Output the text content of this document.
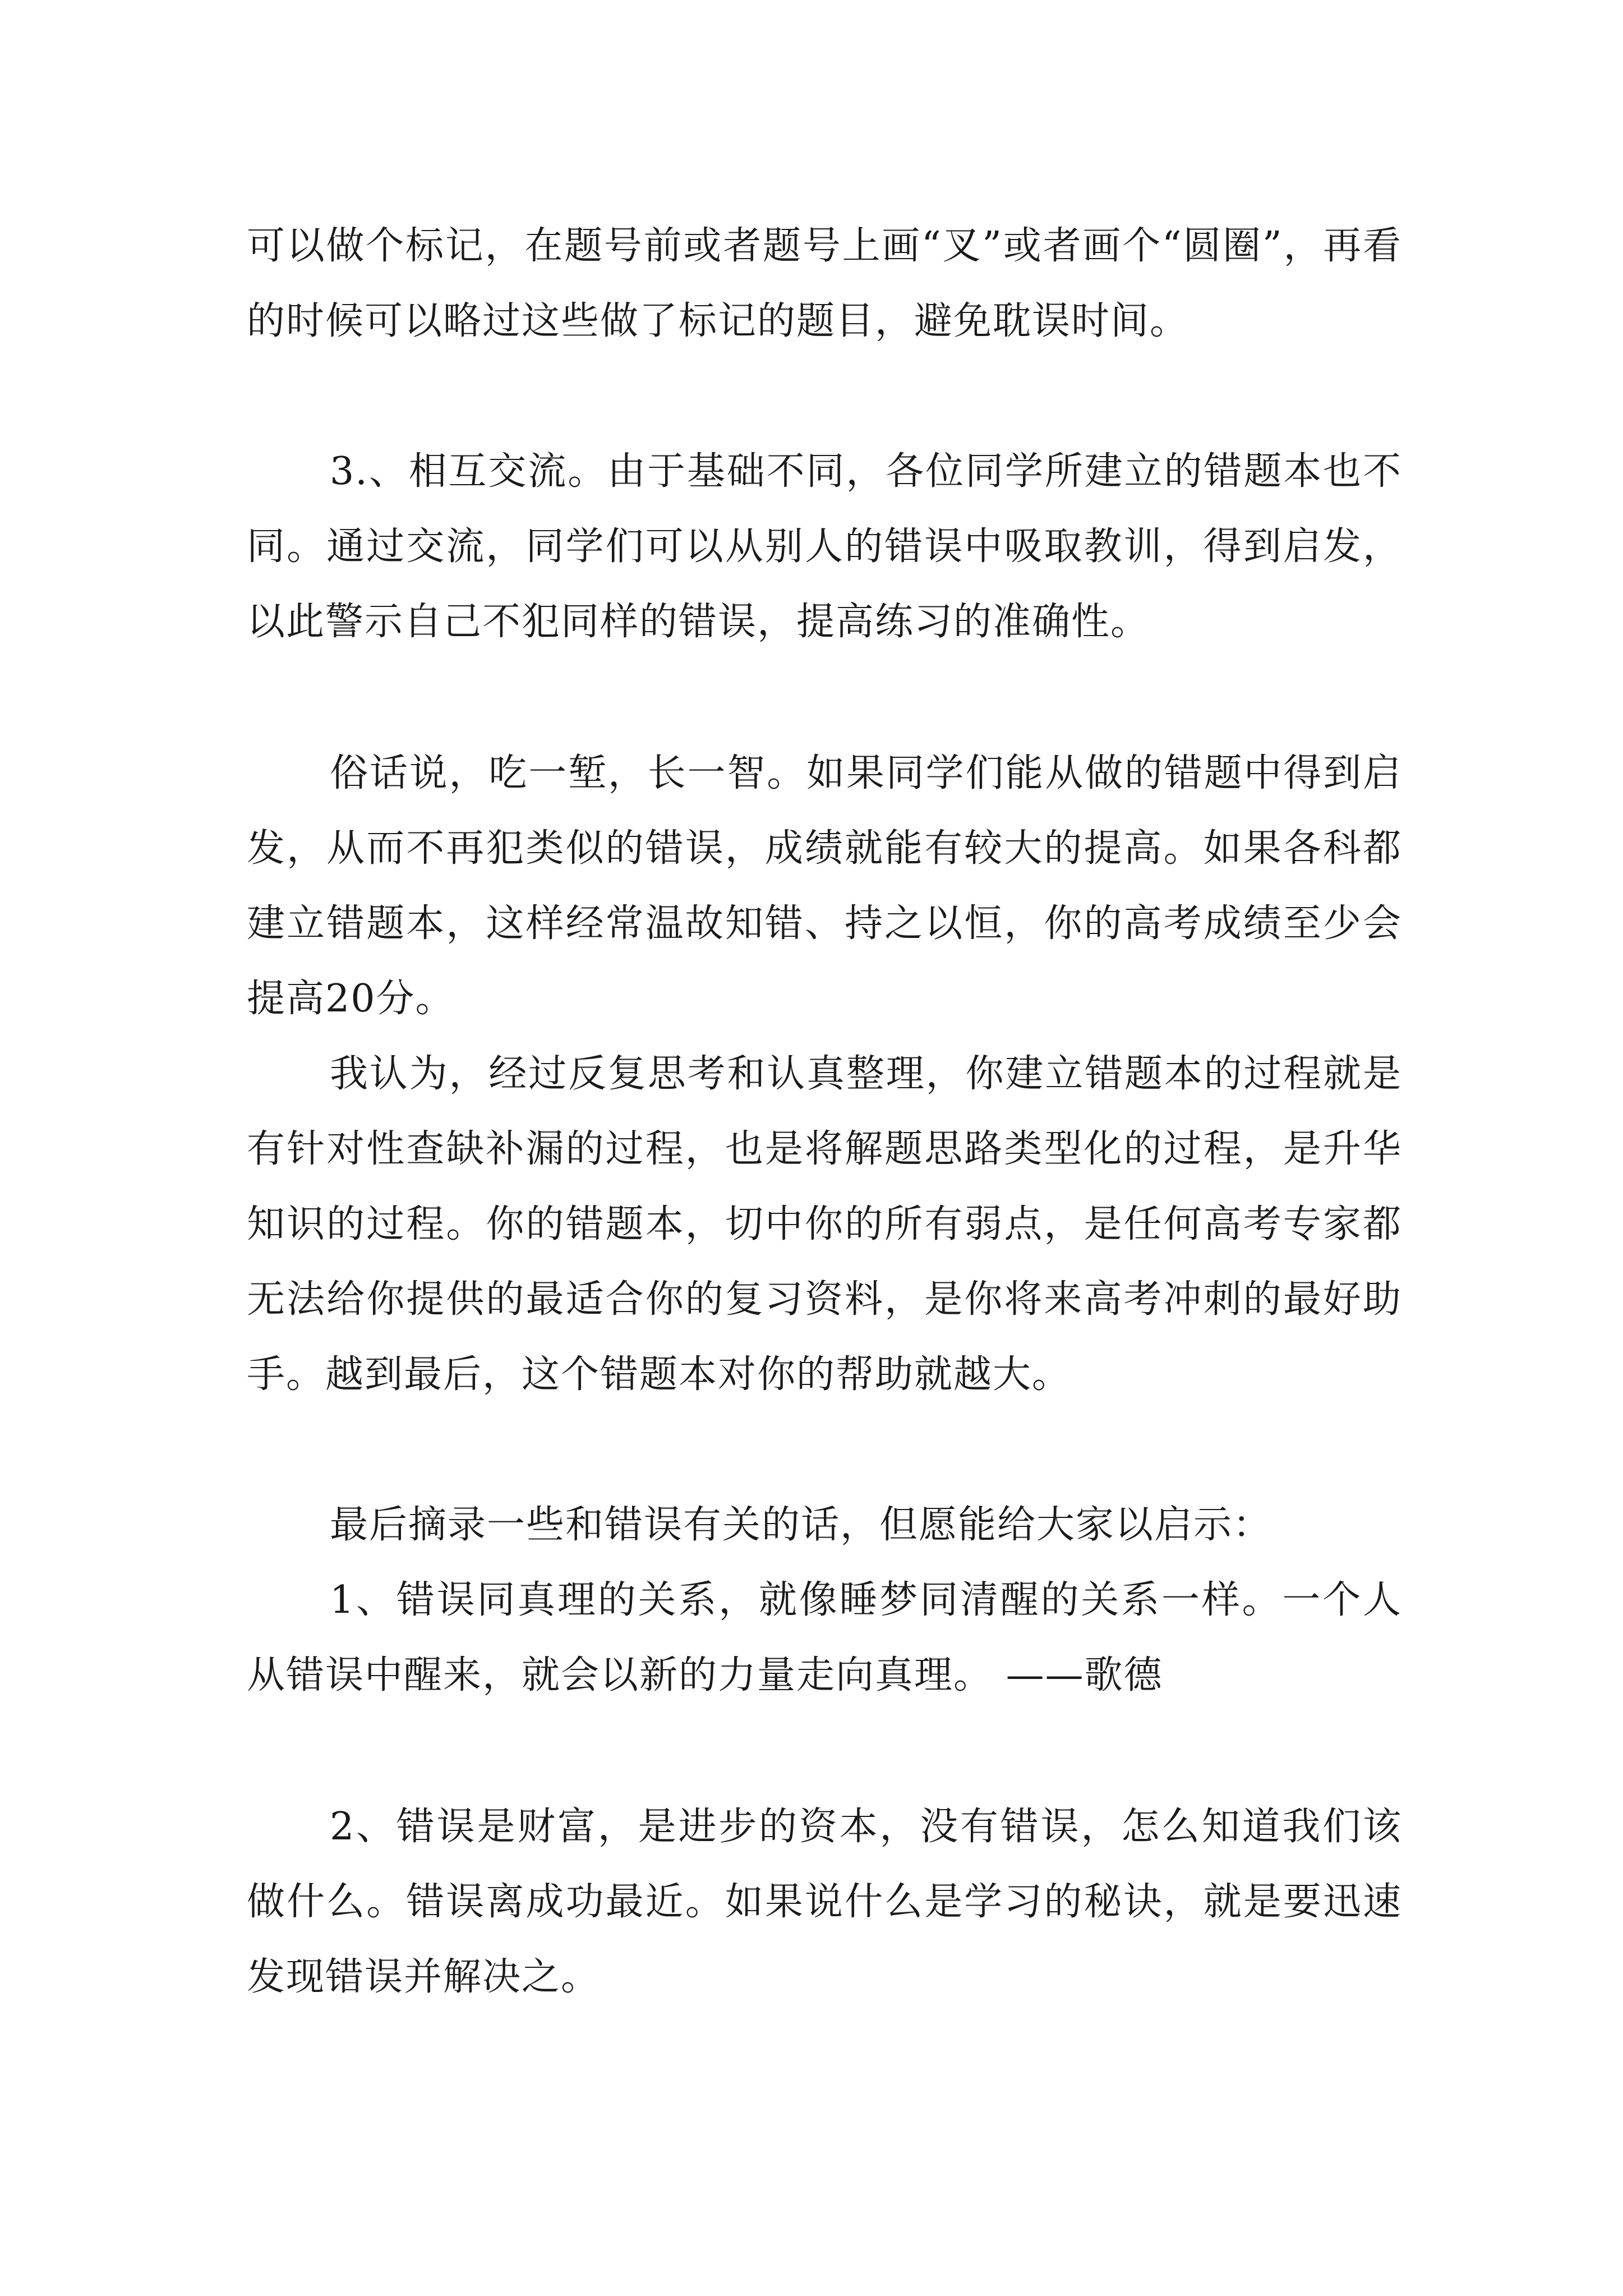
可以做个标记，在题号前或者题号上画“叉”或者画个“圆圈”，再看的时候可以略过这些做了标记的题目，避免耽误时间。

3.、相互交流。由于基础不同，各位同学所建立的错题本也不同。通过交流，同学们可以从别人的错误中吸取教训，得到启发，以此警示自己不犯同样的错误，提高练习的准确性。

俗话说，吃一堑，长一智。如果同学们能从做的错题中得到启发，从而不再犯类似的错误，成绩就能有较大的提高。如果各科都建立错题本，这样经常温故知错、持之以恒，你的高考成绩至少会提高20分。

我认为，经过反复思考和认真整理，你建立错题本的过程就是有针对性查缺补漏的过程，也是将解题思路类型化的过程，是升华知识的过程。你的错题本，切中你的所有弱点，是任何高考专家都无法给你提供的最适合你的复习资料，是你将来高考冲刺的最好助手。越到最后，这个错题本对你的帮助就越大。

最后摘录一些和错误有关的话，但愿能给大家以启示：

1、错误同真理的关系，就像睡梦同清醒的关系一样。一个人从错误中醒来，就会以新的力量走向真理。 ——歌德

2、错误是财富，是进步的资本，没有错误，怎么知道我们该做什么。错误离成功最近。如果说什么是学习的秘诀，就是要迅速发现错误并解决之。
